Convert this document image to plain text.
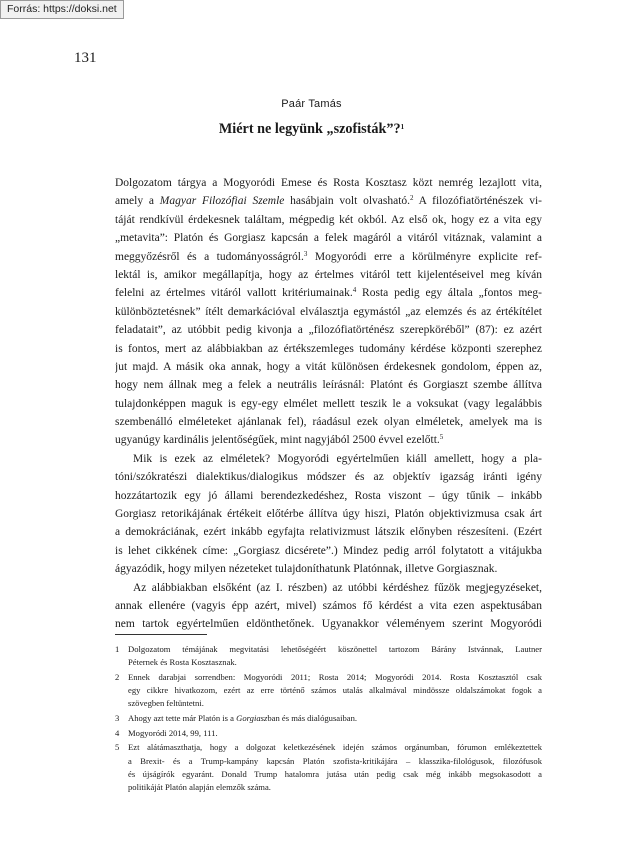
Forrás: https://doksi.net
131
Paár Tamás
Miért ne legyünk „szofisták”?$^1$
Dolgozatom tárgya a Mogyoródi Emese és Rosta Kosztasz közt nemrég lezajlott vita,
amely a Magyar Filozófiai Szemle hasábjain volt olvasható.$^2$ A filozófiatörténészek vi-
táját rendkívül érdekesnek találtam, mégpedig két okból. Az első ok, hogy ez a vita egy
„metavita”: Platón és Gorgiasz kapcsán a felek magáról a vitáról vitáznak, valamint a
meggyőzésről és a tudományosságról.$^3$ Mogyoródi erre a körülményre explicite ref-
lektál is, amikor megállapítja, hogy az értelmes vitáról tett kijelentéseivel meg kíván
felelni az értelmes vitáról vallott kritériumainak.$^4$ Rosta pedig egy általa „fontos meg-
különböztetésnek” ítélt demarkációval elválasztja egymástól „az elemzés és az értékítélet
feladatait”, az utóbbit pedig kivonja a „filozófiatörténész szerepköréből” (87): ez azért
is fontos, mert az alábbiakban az értékszemleges tudomány kérdése központi szerephez
jut majd. A másik oka annak, hogy a vitát különösen érdekesnek gondolom, éppen az,
hogy nem állnak meg a felek a neutrális leírásnál: Platónt és Gorgiaszt szembe állítva
tulajdonképpen maguk is egy-egy elmélet mellett teszik le a voksukat (vagy legalábbis
szembenálló elméleteket ajánlanak fel), ráadásul ezek olyan elméletek, amelyek ma is
ugyanúgy kardinális jelentőségűek, mint nagyjából 2500 évvel ezelőtt.$^5$
Mik is ezek az elméletek? Mogyoródi egyértelműen kiáll amellett, hogy a pla-
tóni/szókratészi dialektikus/dialogikus módszer és az objektív igazság iránti igény
hozzátartozik egy jó állami berendezkedéshez, Rosta viszont – úgy tűnik – inkább
Gorgiasz retorikájának értékeit előtérbe állítva úgy hiszi, Platón objektivizmusa csak árt
a demokráciának, ezért inkább egyfajta relativizmust látszik előnyben részesíteni. (Ezért
is lehet cikkének címe: „Gorgiasz dicsérete”.) Mindez pedig arról folytatott a vitájukba
ágyazódik, hogy milyen nézeteket tulajdoníthatunk Platónnak, illetve Gorgiasznak.
Az alábbiakban elsőként (az I. részben) az utóbbi kérdéshez fűzök megjegyzéseket,
annak ellenére (vagyis épp azért, mivel) számos fő kérdést a vita ezen aspektusában
nem tartok egyértelműen eldönthetőnek. Ugyanakkor véleményem szerint Mogyoródi
1 Dolgozatom témájának megvitatási lehetőségéért köszönettel tartozom Bárány Istvánnak, Lautner
Péternek és Rosta Kosztasznak.
2 Ennek darabjai sorrendben: Mogyoródi 2011; Rosta 2014; Mogyoródi 2014. Rosta Kosztasztól csak
egy cikkre hivatkozom, ezért az erre történő számos utalás alkalmával mindössze oldalszámokat fogok a
szövegben feltüntetni.
3 Ahogy azt tette már Platón is a Gorgiaszban és más dialógusaiban.
4 Mogyoródi 2014, 99, 111.
5 Ezt alátámaszthatja, hogy a dolgozat keletkezésének idején számos orgánumban, fórumon emlékeztettek
a Brexit- és a Trump-kampány kapcsán Platón szofista-kritikájára – klasszika-filológusok, filozófusok
és újságírók egyaránt. Donald Trump hatalomra jutása után pedig csak még inkább megsokasodott a
politikáját Platón alapján elemzők száma.
